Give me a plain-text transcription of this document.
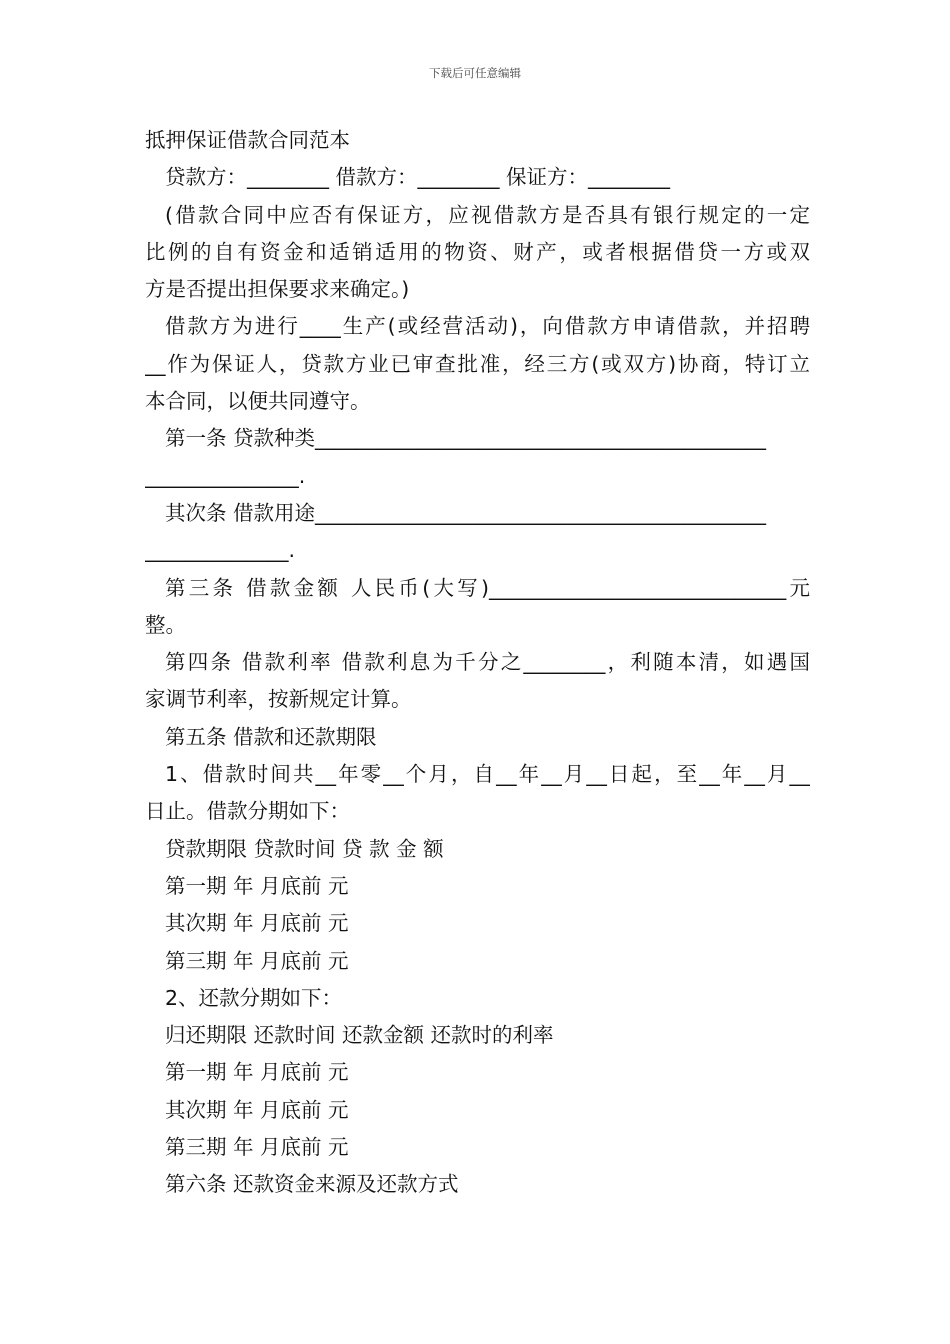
下载后可任意编辑
抵押保证借款合同范本
贷款方：________ 借款方：________ 保证方：________
(借款合同中应否有保证方，应视借款方是否具有银行规定的一定
比例的自有资金和适销适用的物资、财产，或者根据借贷一方或双
方是否提出担保要求来确定。)
借款方为进行____生产(或经营活动)，向借款方申请借款，并招聘
__作为保证人，贷款方业已审查批准，经三方(或双方)协商，特订立
本合同，以便共同遵守。
第一条 贷款种类____________________________________________
_______________.
其次条 借款用途____________________________________________
______________.
第三条 借款金额 人民币(大写)_____________________________元
整。
第四条 借款利率 借款利息为千分之________，利随本清，如遇国
家调节利率，按新规定计算。
第五条 借款和还款期限
1、借款时间共__年零__个月，自__年__月__日起，至__年__月__
日止。借款分期如下：
贷款期限 贷款时间 贷 款 金 额
第一期 年 月底前 元
其次期 年 月底前 元
第三期 年 月底前 元
2、还款分期如下：
归还期限 还款时间 还款金额 还款时的利率
第一期 年 月底前 元
其次期 年 月底前 元
第三期 年 月底前 元
第六条 还款资金来源及还款方式
